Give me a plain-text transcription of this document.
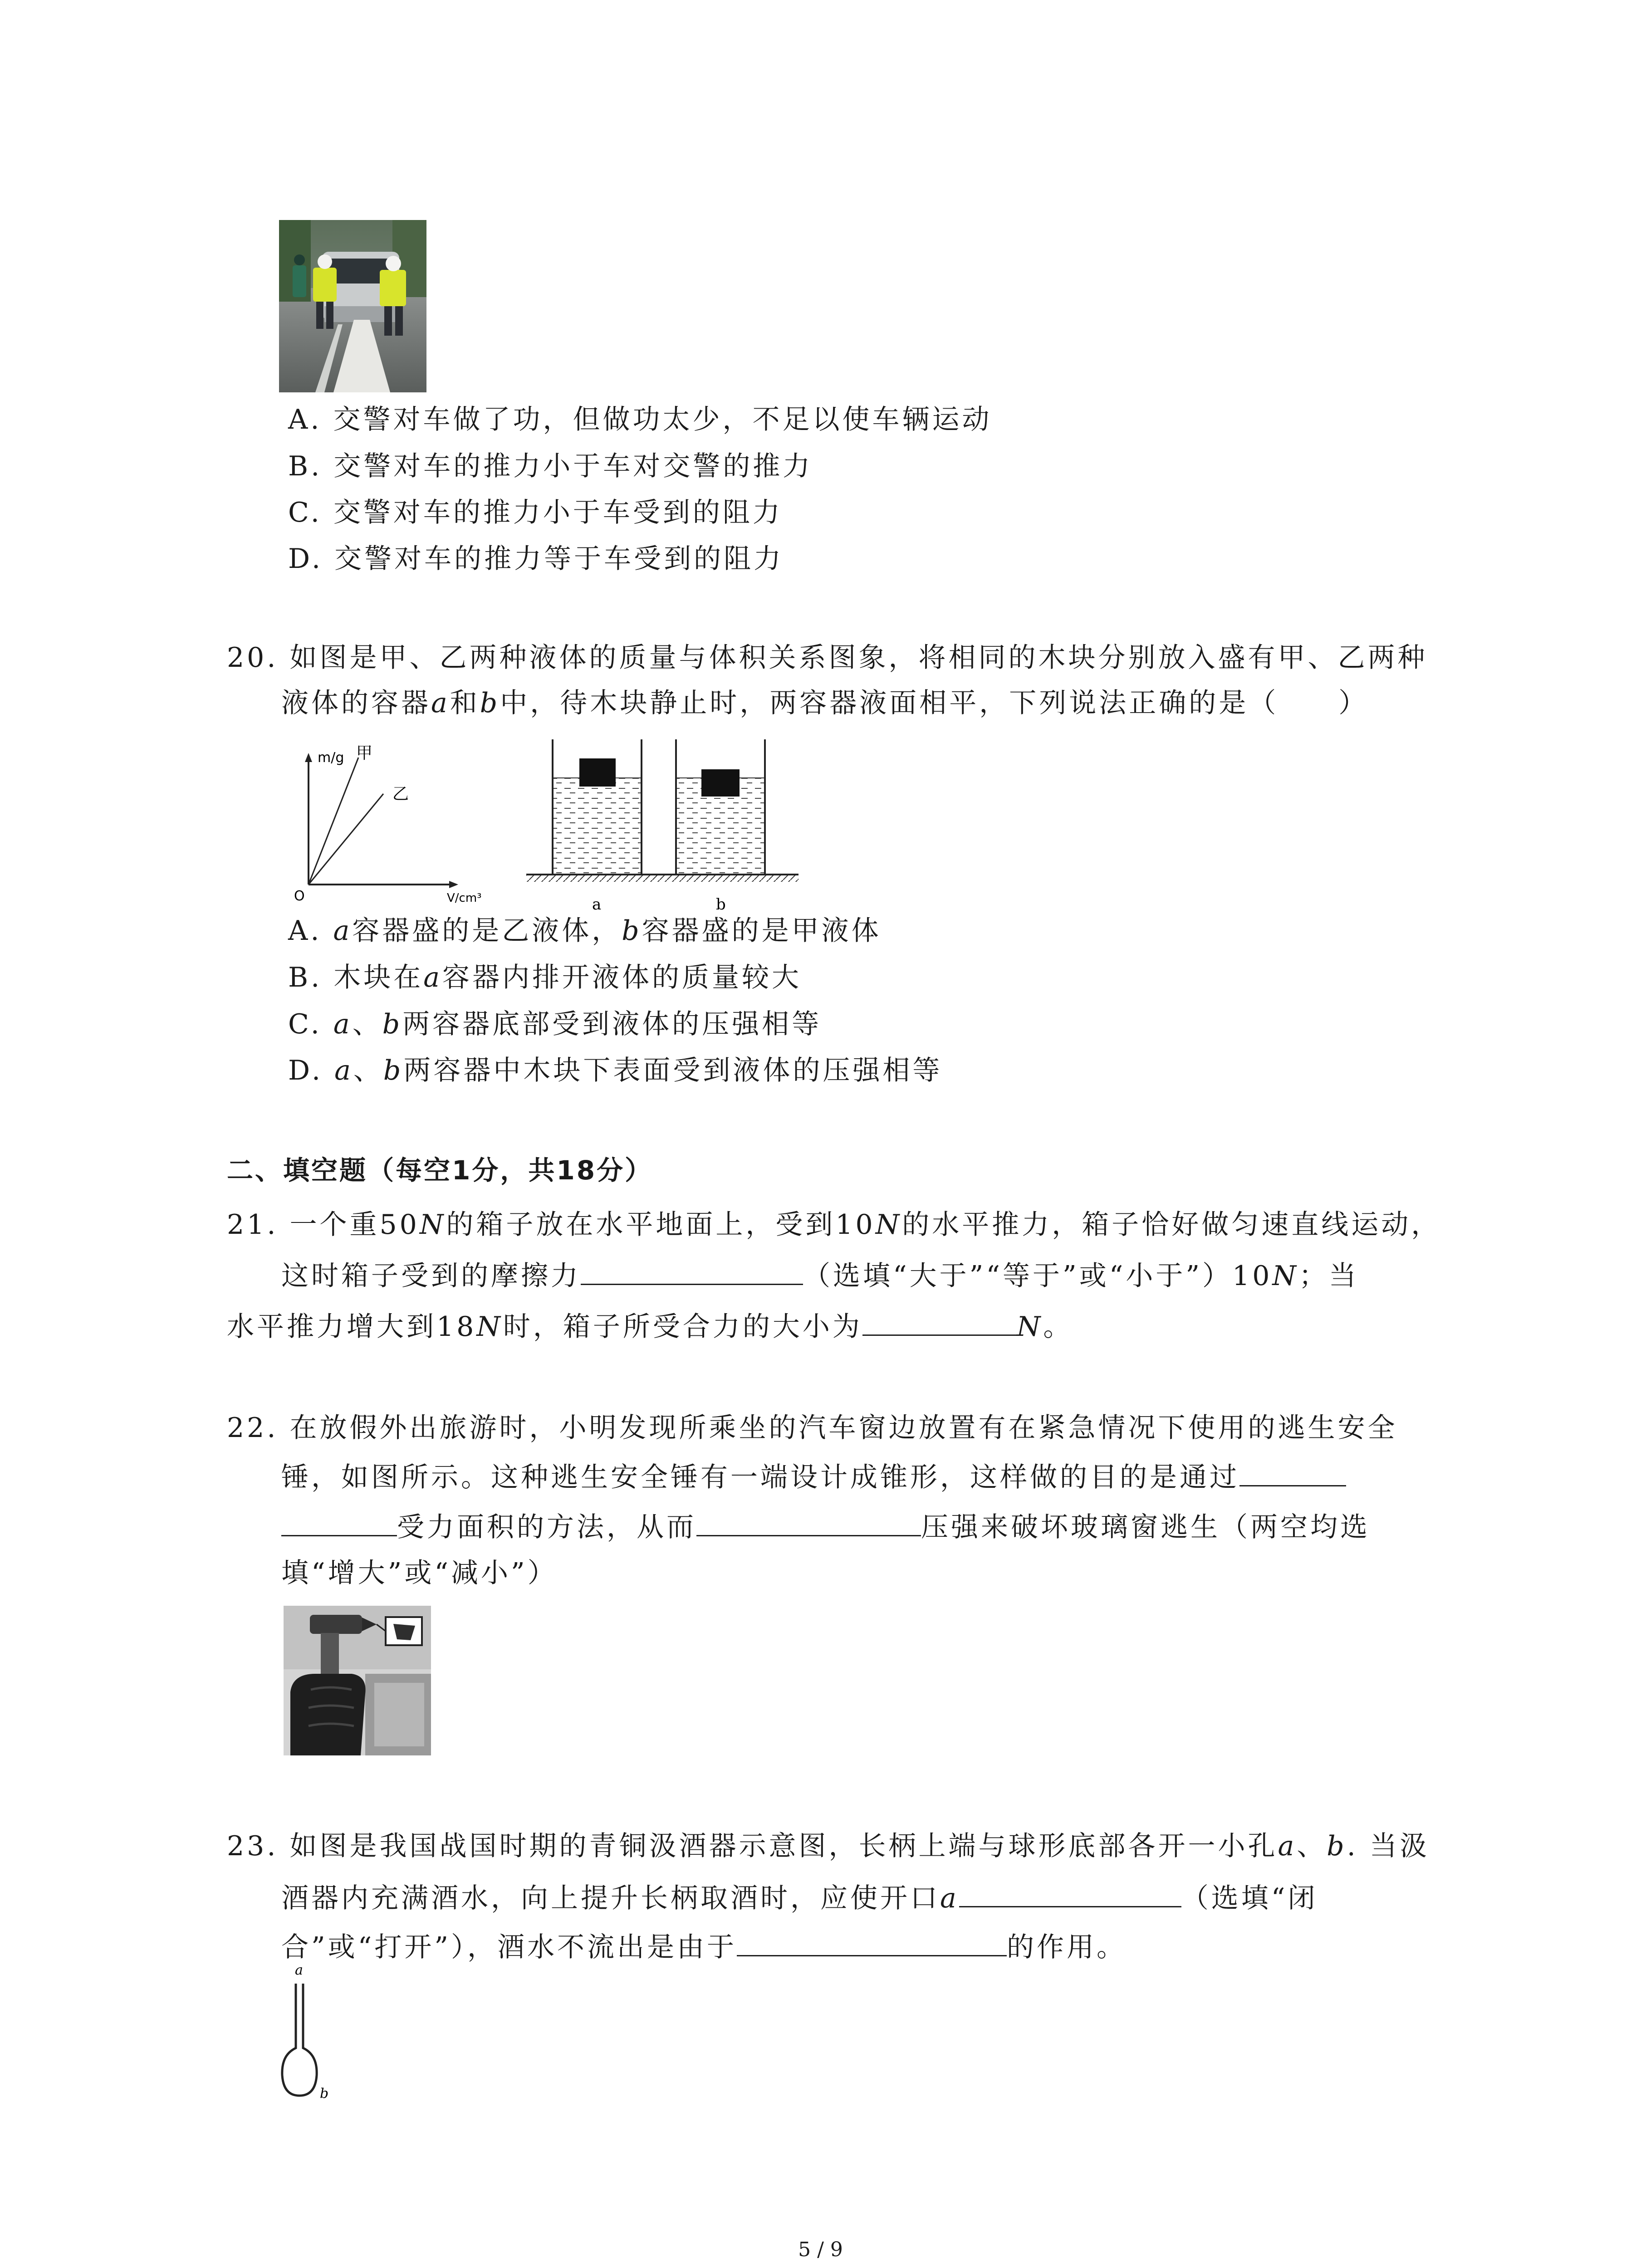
A. 交警对车做了功，但做功太少，不足以使车辆运动
B. 交警对车的推力小于车对交警的推力
C. 交警对车的推力小于车受到的阻力
D. 交警对车的推力等于车受到的阻力
20. 如图是甲、乙两种液体的质量与体积关系图象，将相同的木块分别放入盛有甲、乙两种
液体的容器a和b中，待木块静止时，两容器液面相平，下列说法正确的是（　　）
m/g 甲
乙
O	V/cm³	a	b
A. a容器盛的是乙液体，b容器盛的是甲液体
B. 木块在a容器内排开液体的质量较大
C. a、b两容器底部受到液体的压强相等
D. a、b两容器中木块下表面受到液体的压强相等
二、填空题（每空1分，共18分）
21. 一个重50N的箱子放在水平地面上，受到10N的水平推力，箱子恰好做匀速直线运动，
这时箱子受到的摩擦力	（选填“大于”“等于”或“小于”）10N；当
水平推力增大到18N时，箱子所受合力的大小为	N。
22. 在放假外出旅游时，小明发现所乘坐的汽车窗边放置有在紧急情况下使用的逃生安全
锤，如图所示。这种逃生安全锤有一端设计成锥形，这样做的目的是通过
受力面积的方法，从而	压强来破坏玻璃窗逃生（两空均选
填“增大”或“减小”）
23. 如图是我国战国时期的青铜汲酒器示意图，长柄上端与球形底部各开一小孔a、b. 当汲
酒器内充满酒水，向上提升长柄取酒时，应使开口a	（选填“闭
合”或“打开”），酒水不流出是由于	的作用。
a
b
5 / 9
